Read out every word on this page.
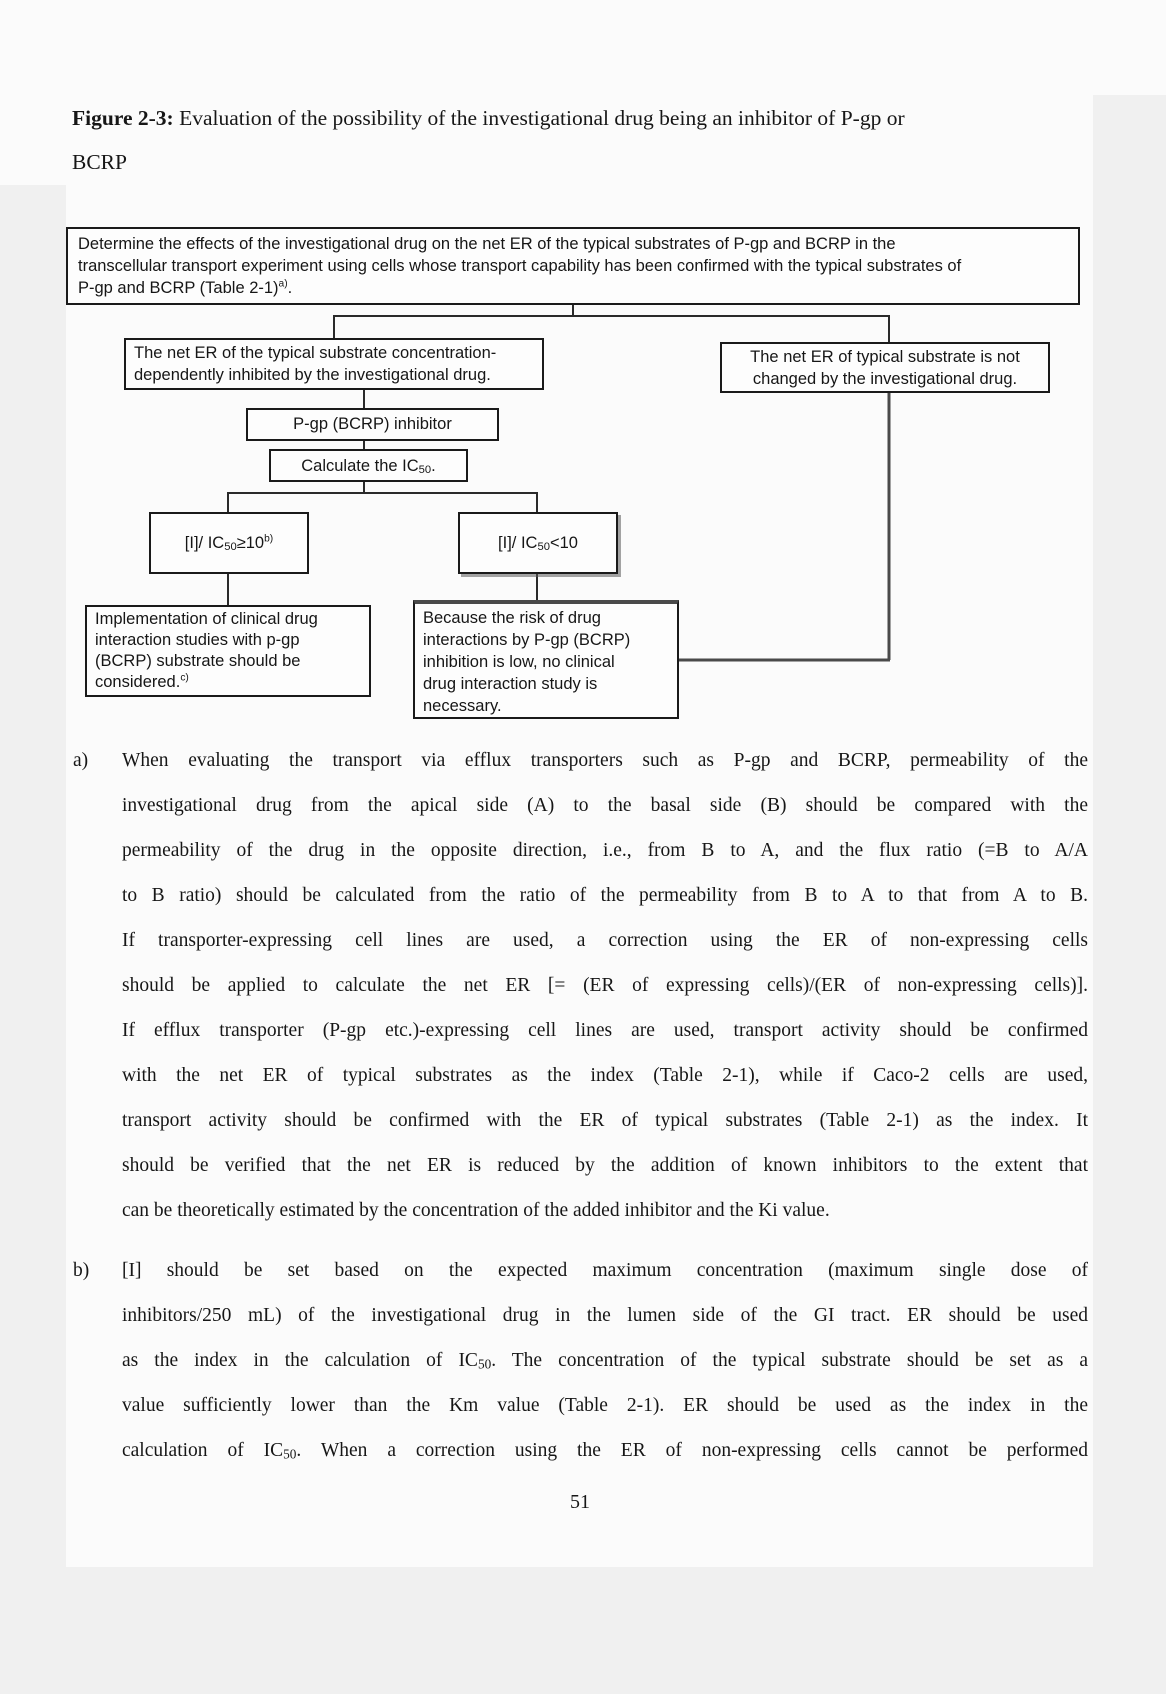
Figure 2-3: Evaluation of the possibility of the investigational drug being an inhibitor of P-gp or
BCRP
Determine the effects of the investigational drug on the net ER of the typical substrates of P-gp and BCRP in the
transcellular transport experiment using cells whose transport capability has been confirmed with the typical substrates of
P-gp and BCRP (Table 2-1)$^{a)}$.
The net ER of the typical substrate concentration-
dependently inhibited by the investigational drug.
The net ER of typical substrate is not
changed by the investigational drug.
P-gp (BCRP) inhibitor
Calculate the $IC_{50}$.
[I]/ $IC_{50}\ge 10^{b)}$	[I]/ $IC_{50}<10$
Implementation of clinical drug
interaction studies with p-gp
(BCRP) substrate should be
considered.$^{c)}$
Because the risk of drug
interactions by P-gp (BCRP)
inhibition is low, no clinical
drug interaction study is
necessary.
a)	When evaluating the transport via efflux transporters such as P-gp and BCRP, permeability of the
investigational drug from the apical side (A) to the basal side (B) should be compared with the
permeability of the drug in the opposite direction, i.e., from B to A, and the flux ratio (=B to A/A
to B ratio) should be calculated from the ratio of the permeability from B to A to that from A to B.
If transporter-expressing cell lines are used, a correction using the ER of non-expressing cells
should be applied to calculate the net ER [= (ER of expressing cells)/(ER of non-expressing cells)].
If efflux transporter (P-gp etc.)-expressing cell lines are used, transport activity should be confirmed
with the net ER of typical substrates as the index (Table 2-1), while if Caco-2 cells are used,
transport activity should be confirmed with the ER of typical substrates (Table 2-1) as the index. It
should be verified that the net ER is reduced by the addition of known inhibitors to the extent that
can be theoretically estimated by the concentration of the added inhibitor and the Ki value.
b)	[I] should be set based on the expected maximum concentration (maximum single dose of
inhibitors/250 mL) of the investigational drug in the lumen side of the GI tract. ER should be used
as the index in the calculation of $IC_{50}$. The concentration of the typical substrate should be set as a
value sufficiently lower than the Km value (Table 2-1). ER should be used as the index in the
calculation of $IC_{50}$. When a correction using the ER of non-expressing cells cannot be performed
51
